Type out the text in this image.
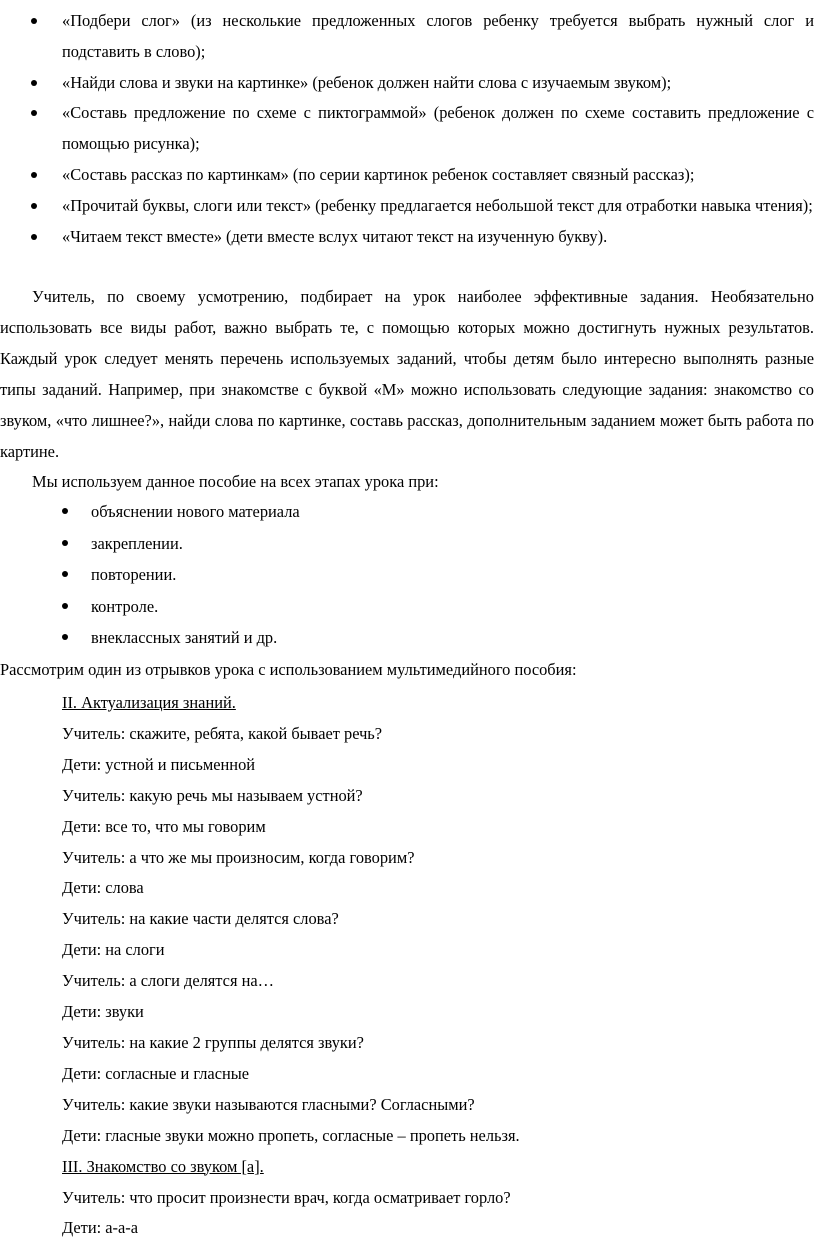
«Подбери слог» (из несколькие предложенных слогов ребенку требуется выбрать нужный слог и подставить в слово);
«Найди слова и звуки на картинке» (ребенок должен найти слова с изучаемым звуком);
«Составь предложение по схеме с пиктограммой» (ребенок должен по схеме составить предложение с помощью рисунка);
«Составь рассказ по картинкам» (по серии картинок ребенок составляет связный рассказ);
«Прочитай буквы, слоги или текст» (ребенку предлагается небольшой текст для отработки навыка чтения);
«Читаем текст вместе» (дети вместе вслух читают текст на изученную букву).

Учитель, по своему усмотрению, подбирает на урок наиболее эффективные задания. Необязательно использовать все виды работ, важно выбрать те, с помощью которых можно достигнуть нужных результатов. Каждый урок следует менять перечень используемых заданий, чтобы детям было интересно выполнять разные типы заданий. Например, при знакомстве с буквой «М» можно использовать следующие задания: знакомство со звуком, «что лишнее?», найди слова по картинке, составь рассказ, дополнительным заданием может быть работа по картине.

Мы используем данное пособие на всех этапах урока при:

объяснении нового материала
закреплении.
повторении.
контроле.
внеклассных занятий и др.

Рассмотрим один из отрывков урока с использованием мультимедийного пособия:

II. Актуализация знаний.
Учитель: скажите, ребята, какой бывает речь?
Дети: устной и письменной
Учитель: какую речь мы называем устной?
Дети: все то, что мы говорим
Учитель: а что же мы произносим, когда говорим?
Дети: слова
Учитель: на какие части делятся слова?
Дети: на слоги
Учитель: а слоги делятся на…
Дети: звуки
Учитель: на какие 2 группы делятся звуки?
Дети: согласные и гласные
Учитель: какие звуки называются гласными? Согласными?
Дети: гласные звуки можно пропеть, согласные – пропеть нельзя.
III. Знакомство со звуком [а].
Учитель: что просит произнести врач, когда осматривает горло?
Дети: а-а-а
